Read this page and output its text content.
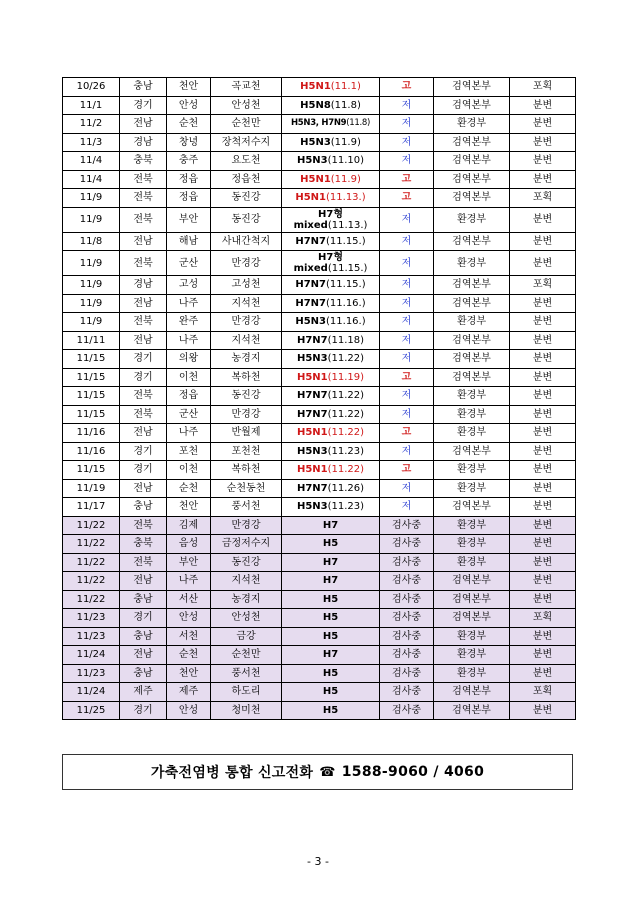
10/26	충남	천안	곡교천	H5N1(11.1)	고	검역본부	포획
11/1	경기	안성	안성천	H5N8(11.8)	저	검역본부	분변
11/2	전남	순천	순천만	H5N3, H7N9(11.8)	저	환경부	분변
11/3	경남	창녕	장척저수지	H5N3(11.9)	저	검역본부	분변
11/4	충북	충주	요도천	H5N3(11.10)	저	검역본부	분변
11/4	전북	정읍	정읍천	H5N1(11.9)	고	검역본부	분변
11/9	전북	정읍	동진강	H5N1(11.13.)	고	검역본부	포획
11/9	전북	부안	동진강	H7형
mixed(11.13.)	저	환경부	분변
11/8	전남	해남	사내간척지	H7N7(11.15.)	저	검역본부	분변
11/9	전북	군산	만경강	H7형
mixed(11.15.)	저	환경부	분변
11/9	경남	고성	고성천	H7N7(11.15.)	저	검역본부	포획
11/9	전남	나주	지석천	H7N7(11.16.)	저	검역본부	분변
11/9	전북	완주	만경강	H5N3(11.16.)	저	환경부	분변
11/11	전남	나주	지석천	H7N7(11.18)	저	검역본부	분변
11/15	경기	의왕	농경지	H5N3(11.22)	저	검역본부	분변
11/15	경기	이천	복하천	H5N1(11.19)	고	검역본부	분변
11/15	전북	정읍	동진강	H7N7(11.22)	저	환경부	분변
11/15	전북	군산	만경강	H7N7(11.22)	저	환경부	분변
11/16	전남	나주	반월제	H5N1(11.22)	고	환경부	분변
11/16	경기	포천	포천천	H5N3(11.23)	저	검역본부	분변
11/15	경기	이천	복하천	H5N1(11.22)	고	환경부	분변
11/19	전남	순천	순천동천	H7N7(11.26)	저	환경부	분변
11/17	충남	천안	풍서천	H5N3(11.23)	저	검역본부	분변
11/22	전북	김제	만경강	H7	검사중	환경부	분변
11/22	충북	음성	금정저수지	H5	검사중	환경부	분변
11/22	전북	부안	동진강	H7	검사중	환경부	분변
11/22	전남	나주	지석천	H7	검사중	검역본부	분변
11/22	충남	서산	농경지	H5	검사중	검역본부	분변
11/23	경기	안성	안성천	H5	검사중	검역본부	포획
11/23	충남	서천	금강	H5	검사중	환경부	분변
11/24	전남	순천	순천만	H7	검사중	환경부	분변
11/23	충남	천안	풍서천	H5	검사중	환경부	분변
11/24	제주	제주	하도리	H5	검사중	검역본부	포획
11/25	경기	안성	청미천	H5	검사중	검역본부	분변
가축전염병 통합 신고전화 ☎ 1588-9060 / 4060
- 3 -
